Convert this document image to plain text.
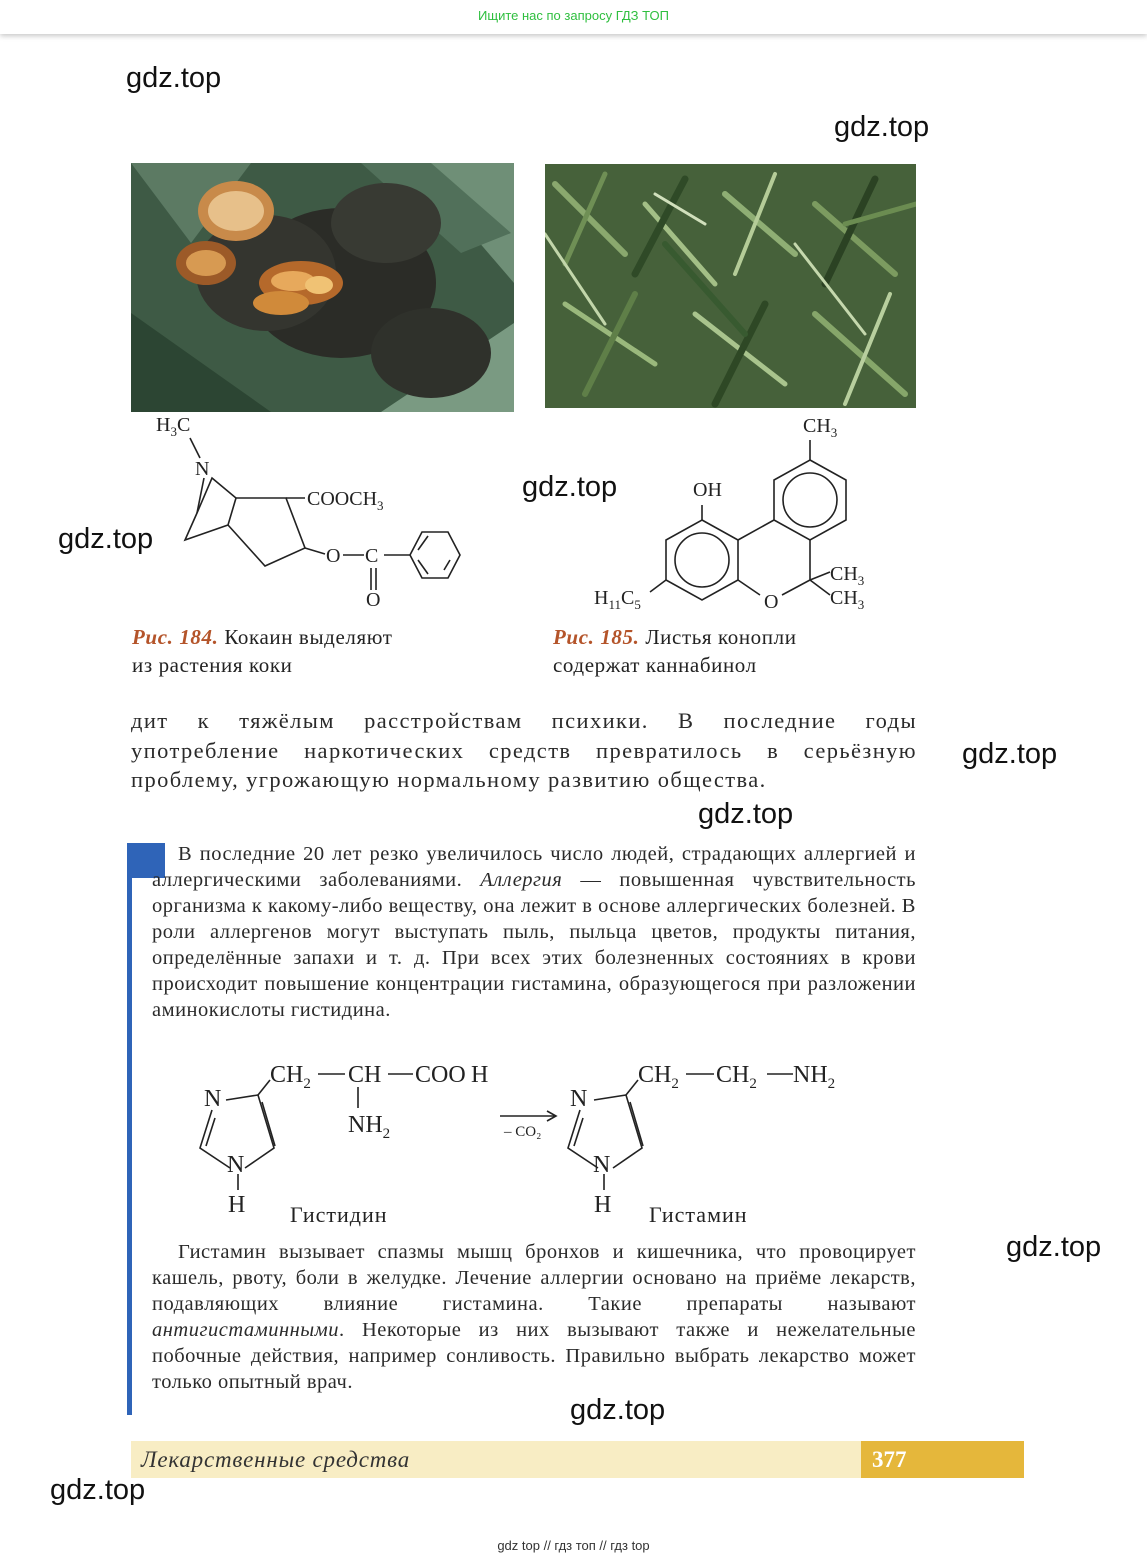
Ищите нас по запросу ГДЗ ТОП
gdz.top
gdz.top
gdz.top
gdz.top
gdz.top
gdz.top
gdz.top
gdz.top
gdz.top
$H_3C$
N
$COOCH_3$
O C
O
$CH_3$
OH
$CH_3$
$CH_3$
O
$H_{11}C_5$
$CH_2$ CH COO H
$NH_2$
N
N
H
$CH_2$ $CH_2$ $NH_2$
N
N
H
– CO₂
Гистидин	Гистамин
Рис. 184. Кокаин выделяют
из растения коки
Рис. 185. Листья конопли
содержат каннабинол
дит к тяжёлым расстройствам психики. В последние годы употребление наркотических средств превратилось в серьёзную проблему, угрожающую нормальному развитию общества.
В последние 20 лет резко увеличилось число людей, страдающих аллергией и аллергическими заболеваниями. Аллергия — повышенная чувствительность организма к какому-либо веществу, она лежит в основе аллергических болезней. В роли аллергенов могут выступать пыль, пыльца цветов, продукты питания, определённые запахи и т. д. При всех этих болезненных состояниях в крови происходит повышение концентрации гистамина, образующегося при разложении аминокислоты гистидина.
Гистамин вызывает спазмы мышц бронхов и кишечника, что провоцирует кашель, рвоту, боли в желудке. Лечение аллергии основано на приёме лекарств, подавляющих влияние гистамина. Такие препараты называют антигистаминными. Некоторые из них вызывают также и нежелательные побочные действия, например сонливость. Правильно выбрать лекарство может только опытный врач.
Лекарственные средства	377
gdz top // гдз топ // гдз top
